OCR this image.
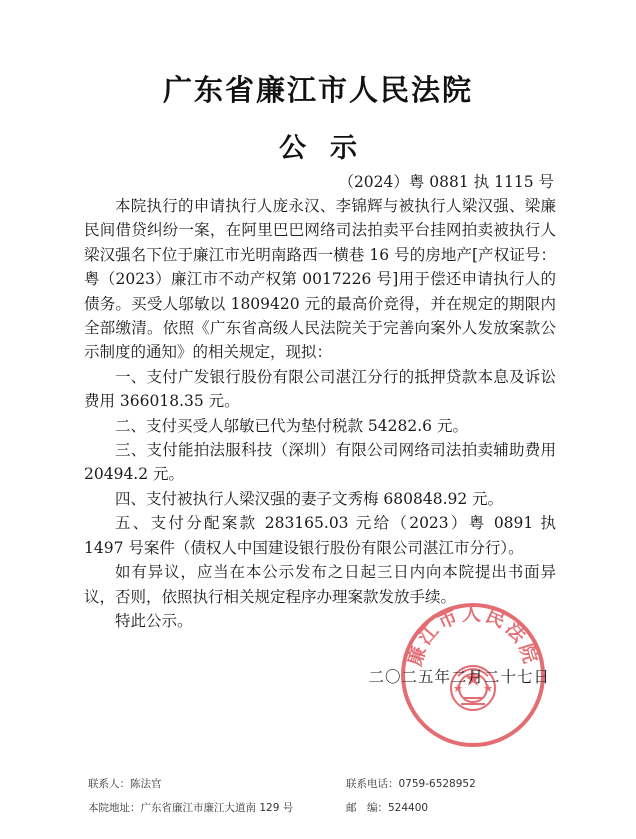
广东省廉江市人民法院
公示
（2024）粤 0881 执 1115 号

本院执行的申请执行人庞永汉、李锦辉与被执行人梁汉强、梁廉民间借贷纠纷一案，在阿里巴巴网络司法拍卖平台挂网拍卖被执行人梁汉强名下位于廉江市光明南路西一横巷 16 号的房地产[产权证号：粤（2023）廉江市不动产权第 0017226 号]用于偿还申请执行人的债务。买受人邬敏以 1809420 元的最高价竞得，并在规定的期限内全部缴清。依照《广东省高级人民法院关于完善向案外人发放案款公示制度的通知》的相关规定，现拟：

一、支付广发银行股份有限公司湛江分行的抵押贷款本息及诉讼费用 366018.35 元。

二、支付买受人邬敏已代为垫付税款 54282.6 元。

三、支付能拍法服科技（深圳）有限公司网络司法拍卖辅助费用 20494.2 元。

四、支付被执行人梁汉强的妻子文秀梅 680848.92 元。

五、支付分配案款 283165.03 元给（2023）粤 0891 执 1497 号案件（债权人中国建设银行股份有限公司湛江市分行）。

如有异议，应当在本公示发布之日起三日内向本院提出书面异议，否则，依照执行相关规定程序办理案款发放手续。

特此公示。

廉江市人民法院
二〇二五年二月二十七日
联系人：陈法官	联系电话：0759-6528952
本院地址：广东省廉江市廉江大道南 129 号	邮　编：524400
